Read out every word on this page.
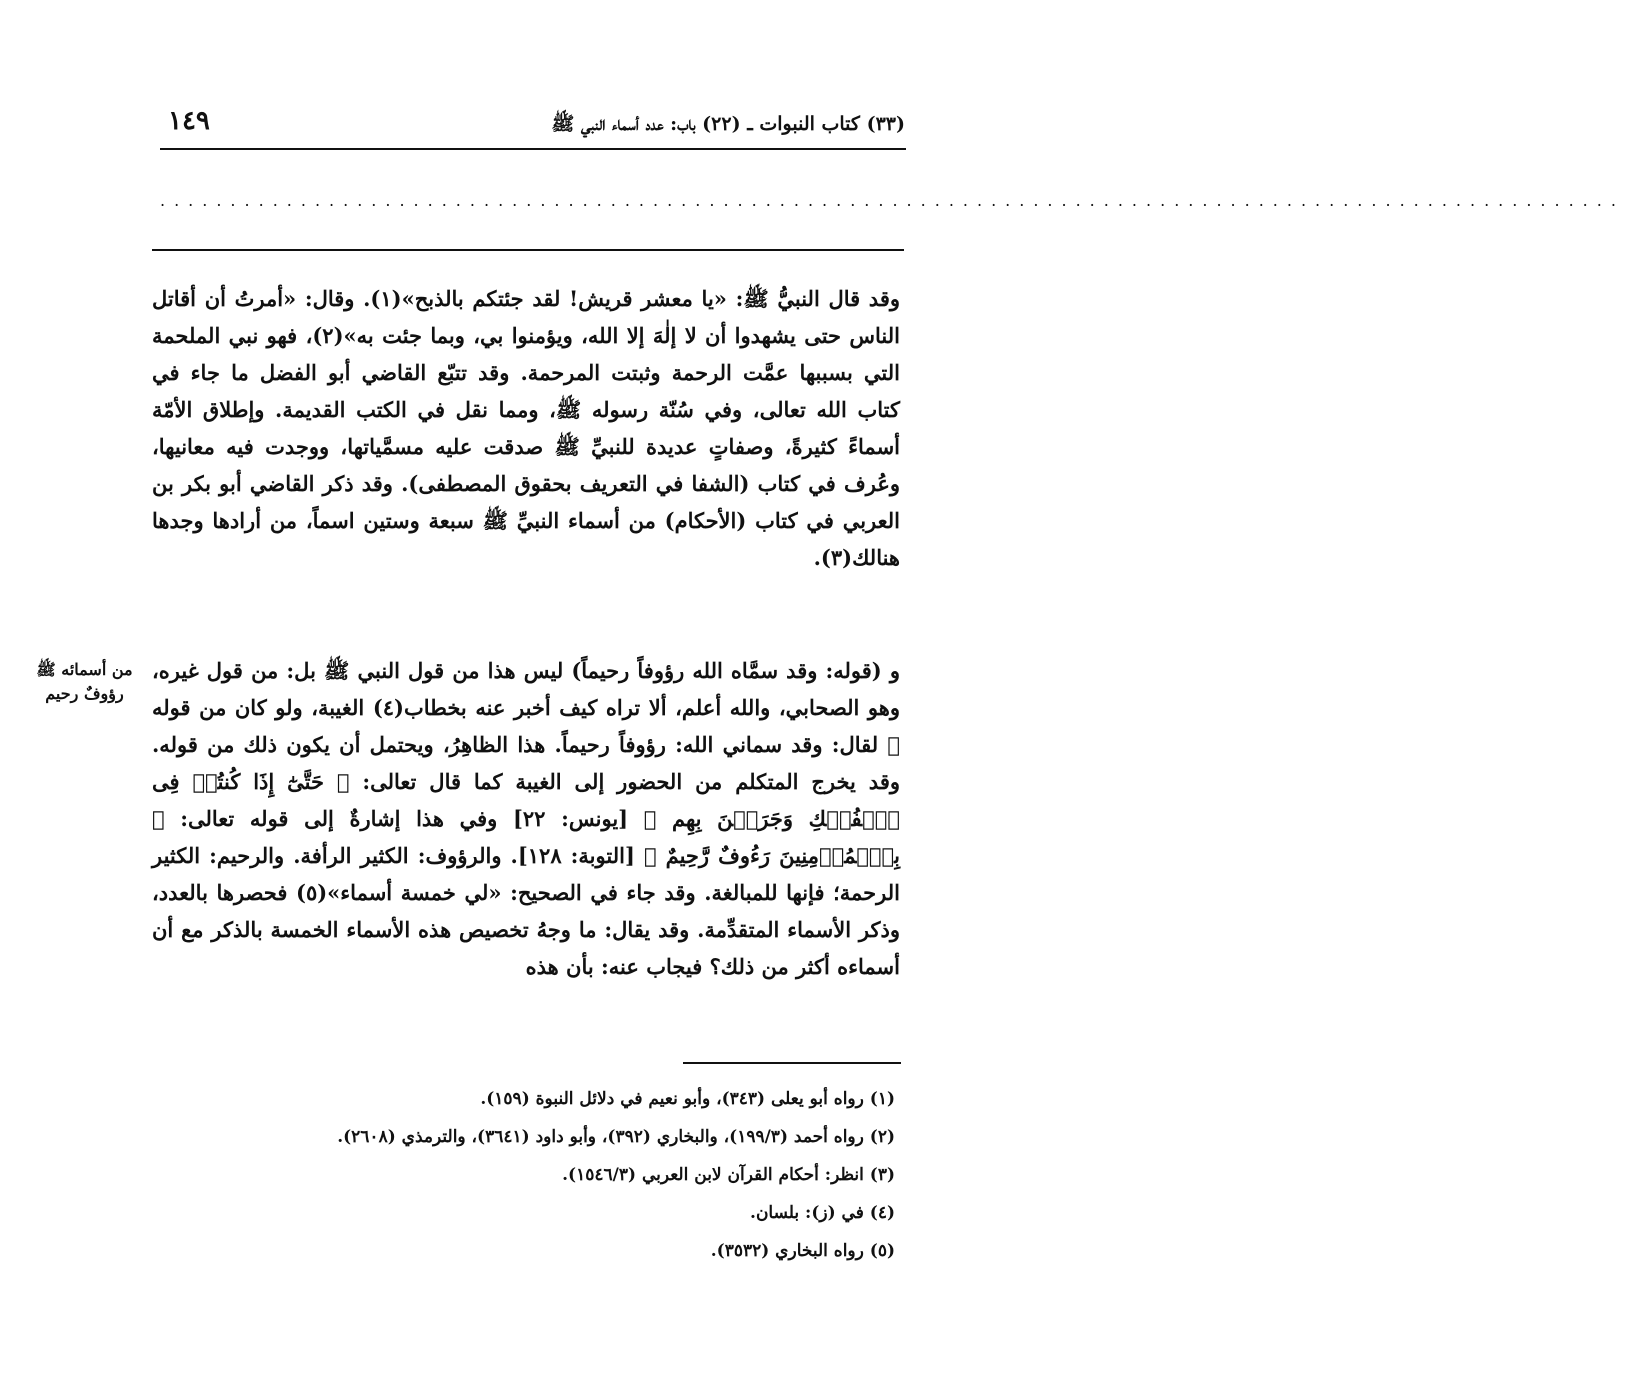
(٣٣) كتاب النبوات ـ (٢٢) باب: عدد أسماء النبي ﷺ
١٤٩
........................................................................................................

وقد قال النبيُّ ﷺ: «يا معشر قريش! لقد جئتكم بالذبح»(١). وقال: «أمرتُ أن أقاتل الناس حتى يشهدوا أن لا إلٰهَ إلا الله، ويؤمنوا بي، وبما جئت به»(٢)، فهو نبي الملحمة التي بسببها عمَّت الرحمة وثبتت المرحمة. وقد تتبّع القاضي أبو الفضل ما جاء في كتاب الله تعالى، وفي سُنّة رسوله ﷺ، ومما نقل في الكتب القديمة. وإطلاق الأمّة أسماءً كثيرةً، وصفاتٍ عديدة للنبيِّ ﷺ صدقت عليه مسمَّياتها، ووجدت فيه معانيها، وعُرف في كتاب (الشفا في التعريف بحقوق المصطفى). وقد ذكر القاضي أبو بكر بن العربي في كتاب (الأحكام) من أسماء النبيِّ ﷺ سبعة وستين اسماً، من أرادها وجدها هنالك(٣).

من أسمائه ﷺ رؤوفٌ رحيم

و (قوله: وقد سمَّاه الله رؤوفاً رحيماً) ليس هذا من قول النبي ﷺ بل: من قول غيره، وهو الصحابي، والله أعلم، ألا تراه كيف أخبر عنه بخطاب(٤) الغيبة، ولو كان من قوله ﷺ لقال: وقد سماني الله: رؤوفاً رحيماً. هذا الظاهِرُ، ويحتمل أن يكون ذلك من قوله. وقد يخرج المتكلم من الحضور إلى الغيبة كما قال تعالى: ﴿ حَتَّىٰٓ إِذَا كُنتُمۡ فِى ٱلۡفُلۡكِ وَجَرَيۡنَ بِهِم ﴾ [يونس: ٢٢] وفي هذا إشارةٌ إلى قوله تعالى: ﴿ بِٱلۡمُؤۡمِنِينَ رَءُوفٌ رَّحِيمٌ ﴾ [التوبة: ١٢٨]. والرؤوف: الكثير الرأفة. والرحيم: الكثير الرحمة؛ فإنها للمبالغة. وقد جاء في الصحيح: «لي خمسة أسماء»(٥) فحصرها بالعدد، وذكر الأسماء المتقدِّمة. وقد يقال: ما وجهُ تخصيص هذه الأسماء الخمسة بالذكر مع أن أسماءه أكثر من ذلك؟ فيجاب عنه: بأن هذه

(١) رواه أبو يعلى (٣٤٣)، وأبو نعيم في دلائل النبوة (١٥٩).
(٢) رواه أحمد (١٩٩/٣)، والبخاري (٣٩٢)، وأبو داود (٣٦٤١)، والترمذي (٢٦٠٨).
(٣) انظر: أحكام القرآن لابن العربي (١٥٤٦/٣).
(٤) في (ز): بلسان.
(٥) رواه البخاري (٣٥٣٢).
